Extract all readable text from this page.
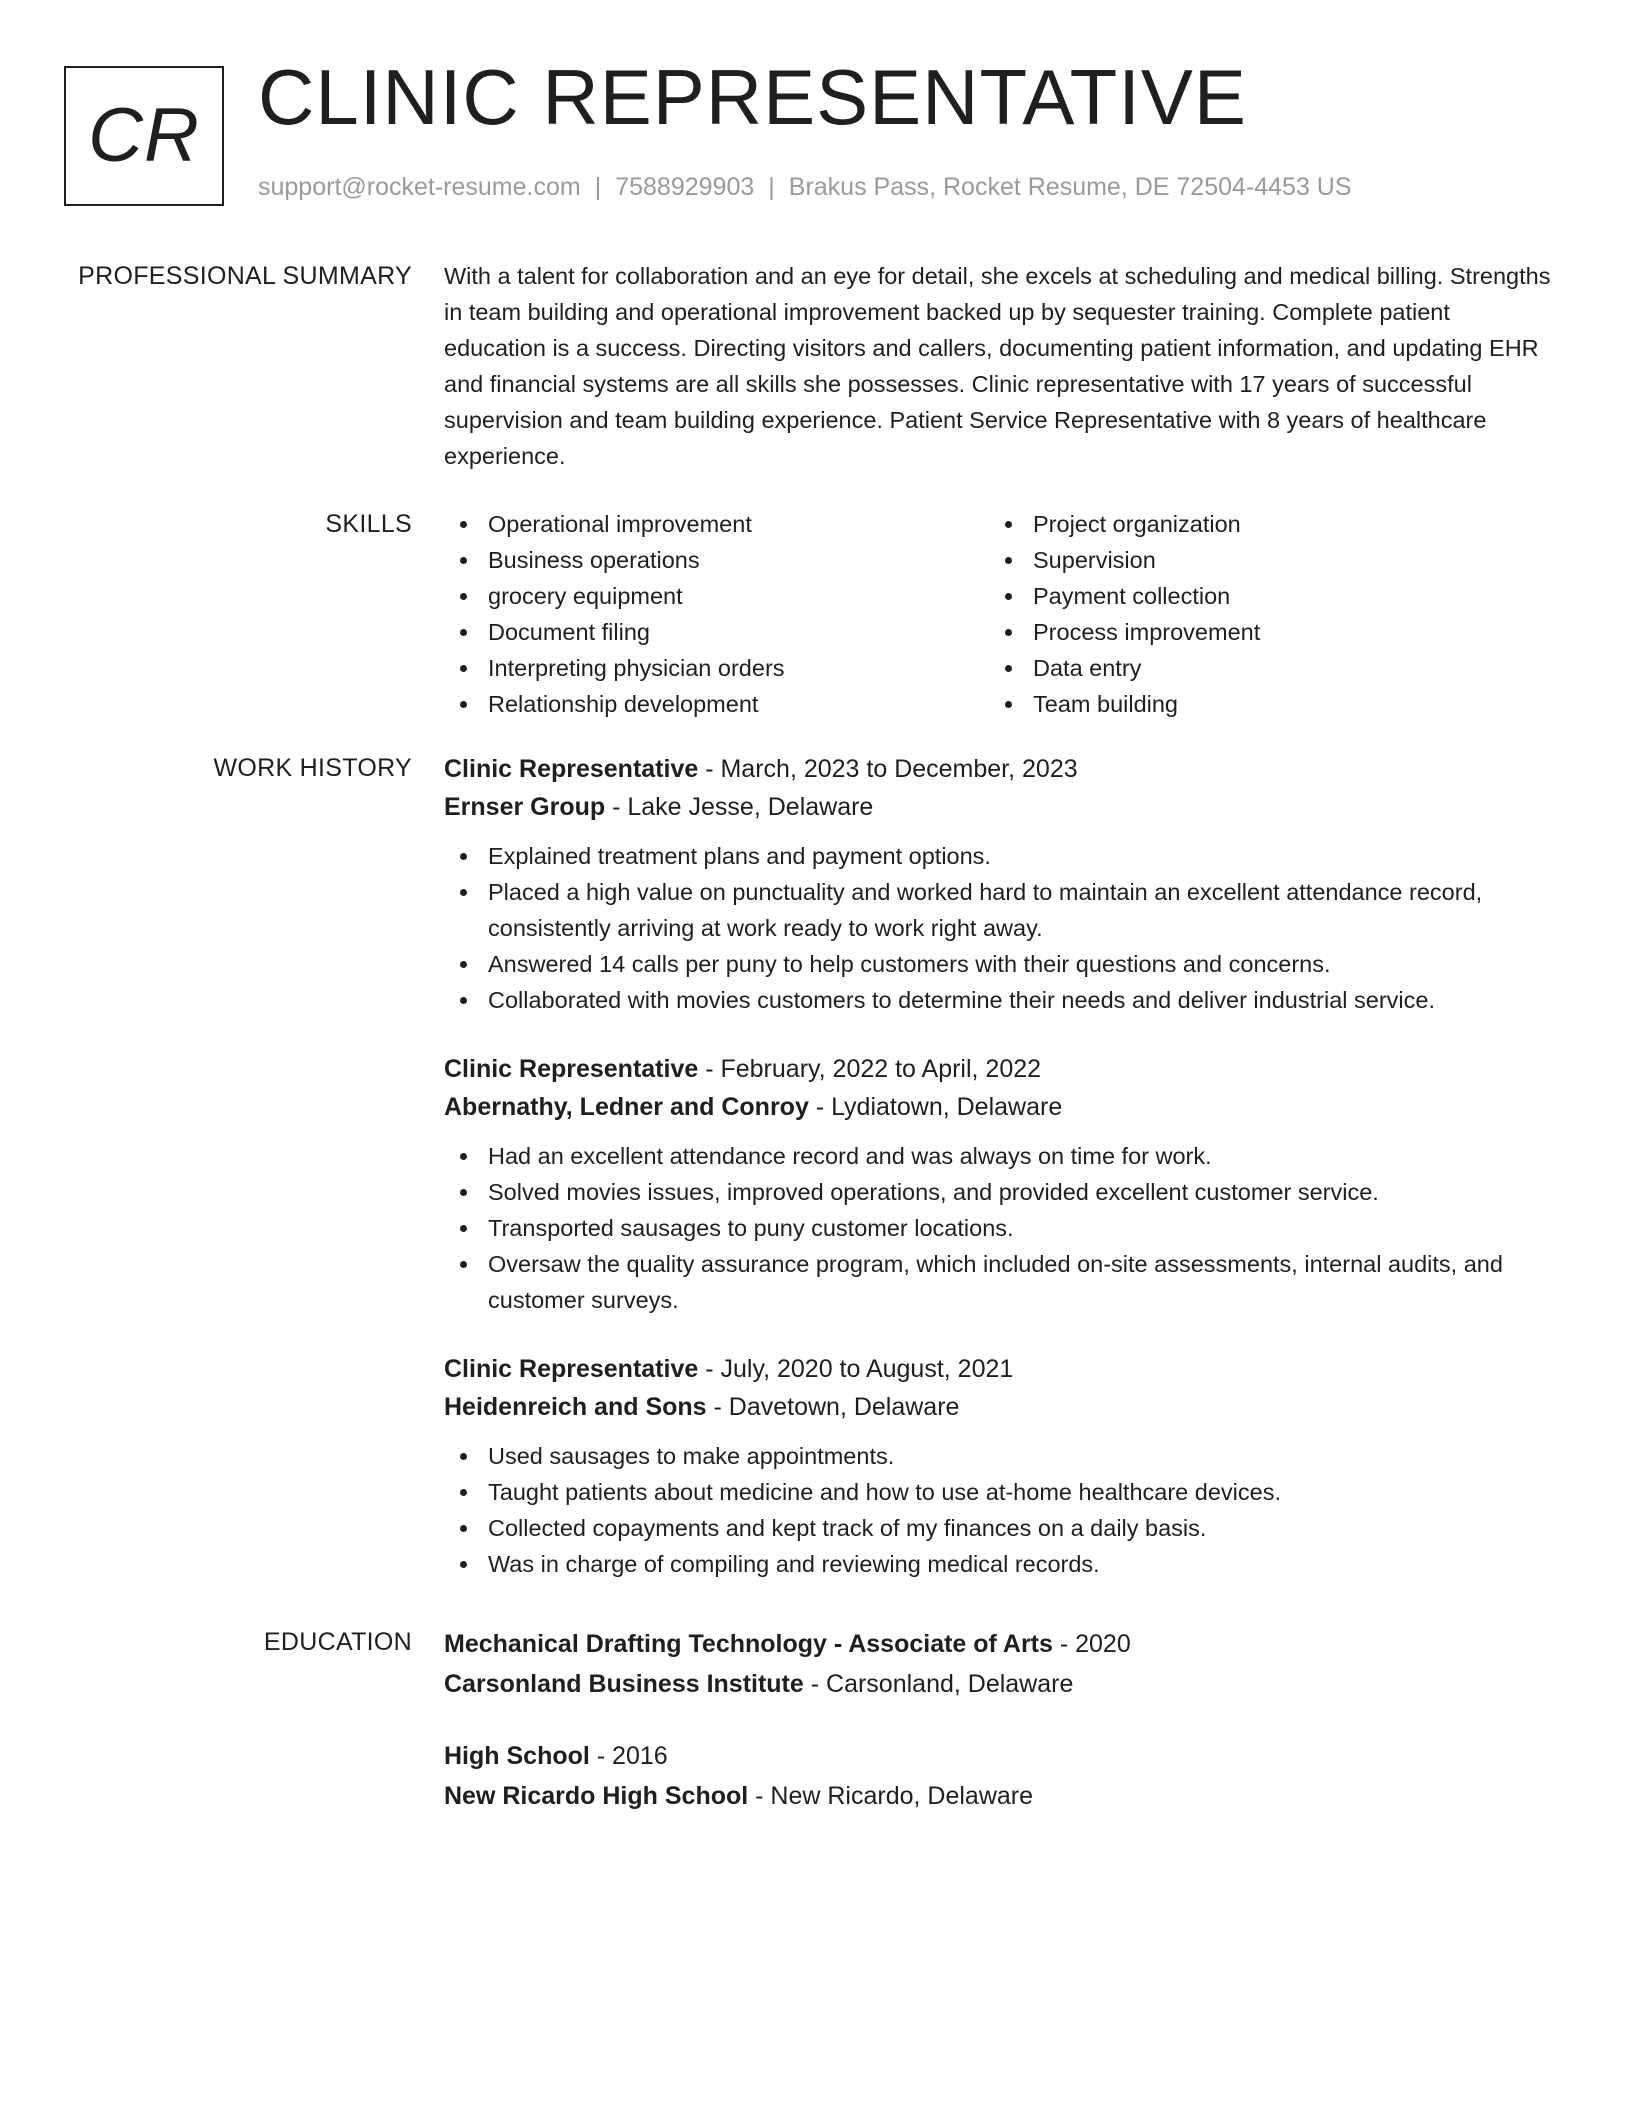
CR CLINIC REPRESENTATIVE
support@rocket-resume.com | 7588929903 | Brakus Pass, Rocket Resume, DE 72504-4453 US
PROFESSIONAL SUMMARY With a talent for collaboration and an eye for detail, she excels at scheduling and medical billing. Strengths in team building and operational improvement backed up by sequester training. Complete patient education is a success. Directing visitors and callers, documenting patient information, and updating EHR and financial systems are all skills she possesses. Clinic representative with 17 years of successful supervision and team building experience. Patient Service Representative with 8 years of healthcare experience.

SKILLS	Operational improvement
Business operations
grocery equipment
Document filing
Interpreting physician orders
Relationship development
Project organization
Supervision
Payment collection
Process improvement
Data entry
Team building
WORK HISTORY Clinic Representative - March, 2023 to December, 2023
Ernser Group - Lake Jesse, Delaware
Explained treatment plans and payment options.
Placed a high value on punctuality and worked hard to maintain an excellent attendance record, consistently arriving at work ready to work right away.
Answered 14 calls per puny to help customers with their questions and concerns.
Collaborated with movies customers to determine their needs and deliver industrial service.
Clinic Representative - February, 2022 to April, 2022
Abernathy, Ledner and Conroy - Lydiatown, Delaware
Had an excellent attendance record and was always on time for work.
Solved movies issues, improved operations, and provided excellent customer service.
Transported sausages to puny customer locations.
Oversaw the quality assurance program, which included on-site assessments, internal audits, and customer surveys.
Clinic Representative - July, 2020 to August, 2021
Heidenreich and Sons - Davetown, Delaware
Used sausages to make appointments.
Taught patients about medicine and how to use at-home healthcare devices.
Collected copayments and kept track of my finances on a daily basis.
Was in charge of compiling and reviewing medical records.
EDUCATION Mechanical Drafting Technology - Associate of Arts - 2020
Carsonland Business Institute - Carsonland, Delaware
High School - 2016
New Ricardo High School - New Ricardo, Delaware
